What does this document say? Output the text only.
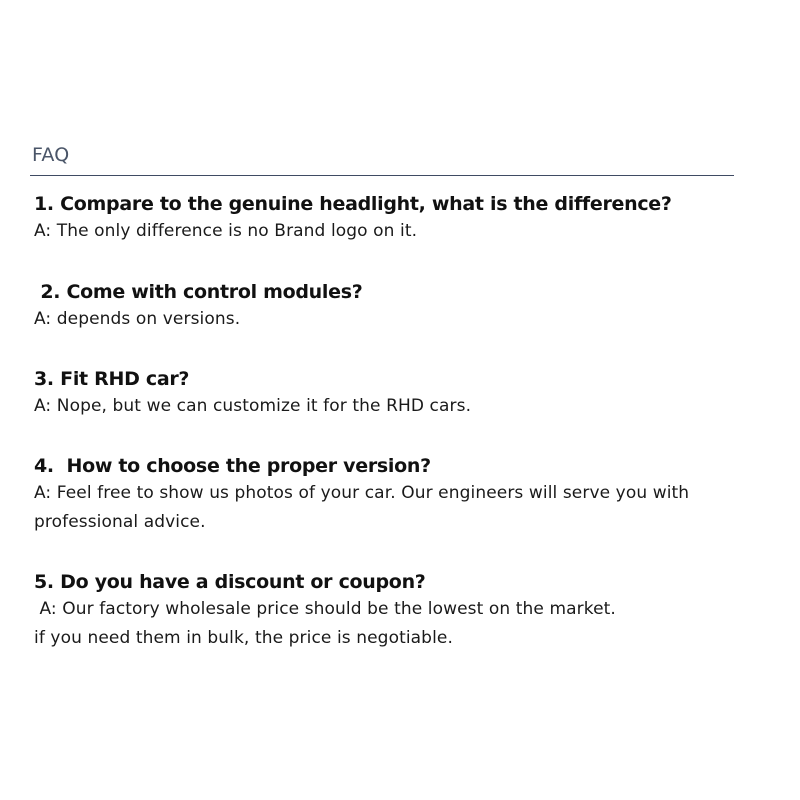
FAQ

1. Compare to the genuine headlight, what is the difference?

A: The only difference is no Brand logo on it.

2. Come with control modules?

A: depends on versions.

3. Fit RHD car?

A: Nope, but we can customize it for the RHD cars.

4.  How to choose the proper version?

A: Feel free to show us photos of your car. Our engineers will serve you with

professional advice.

5. Do you have a discount or coupon?

A: Our factory wholesale price should be the lowest on the market.

if you need them in bulk, the price is negotiable.
